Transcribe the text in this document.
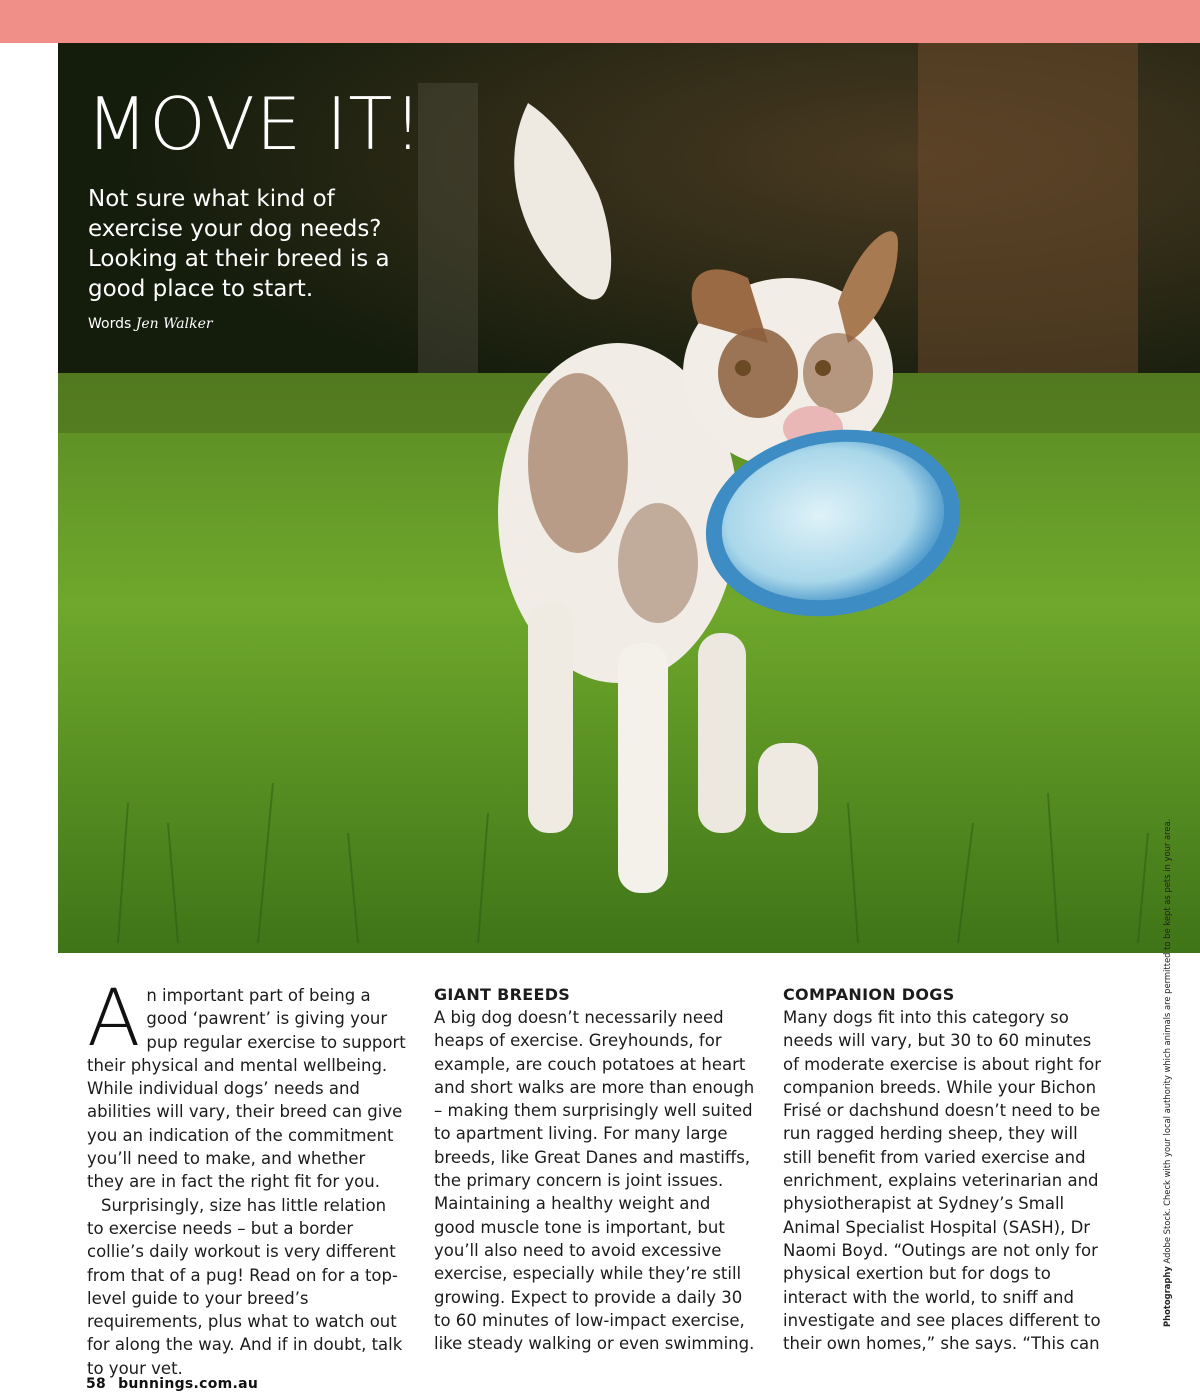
MOVE IT!
Not sure what kind of exercise your dog needs? Looking at their breed is a good place to start.
Words Jen Walker

An important part of being a good ‘pawrent’ is giving your pup regular exercise to support their physical and mental wellbeing. While individual dogs’ needs and abilities will vary, their breed can give you an indication of the commitment you’ll need to make, and whether they are in fact the right fit for you.

Surprisingly, size has little relation to exercise needs – but a border collie’s daily workout is very different from that of a pug! Read on for a top-level guide to your breed’s requirements, plus what to watch out for along the way. And if in doubt, talk to your vet.

GIANT BREEDS

A big dog doesn’t necessarily need heaps of exercise. Greyhounds, for example, are couch potatoes at heart and short walks are more than enough – making them surprisingly well suited to apartment living. For many large breeds, like Great Danes and mastiffs, the primary concern is joint issues. Maintaining a healthy weight and good muscle tone is important, but you’ll also need to avoid excessive exercise, especially while they’re still growing. Expect to provide a daily 30 to 60 minutes of low-impact exercise, like steady walking or even swimming.

COMPANION DOGS

Many dogs fit into this category so needs will vary, but 30 to 60 minutes of moderate exercise is about right for companion breeds. While your Bichon Frisé or dachshund doesn’t need to be run ragged herding sheep, they will still benefit from varied exercise and enrichment, explains veterinarian and physiotherapist at Sydney’s Small Animal Specialist Hospital (SASH), Dr Naomi Boyd. “Outings are not only for physical exertion but for dogs to interact with the world, to sniff and investigate and see places different to their own homes,” she says. “This can

Photography Adobe Stock. Check with your local authority which animals are permitted to be kept as pets in your area.
58 bunnings.com.au
